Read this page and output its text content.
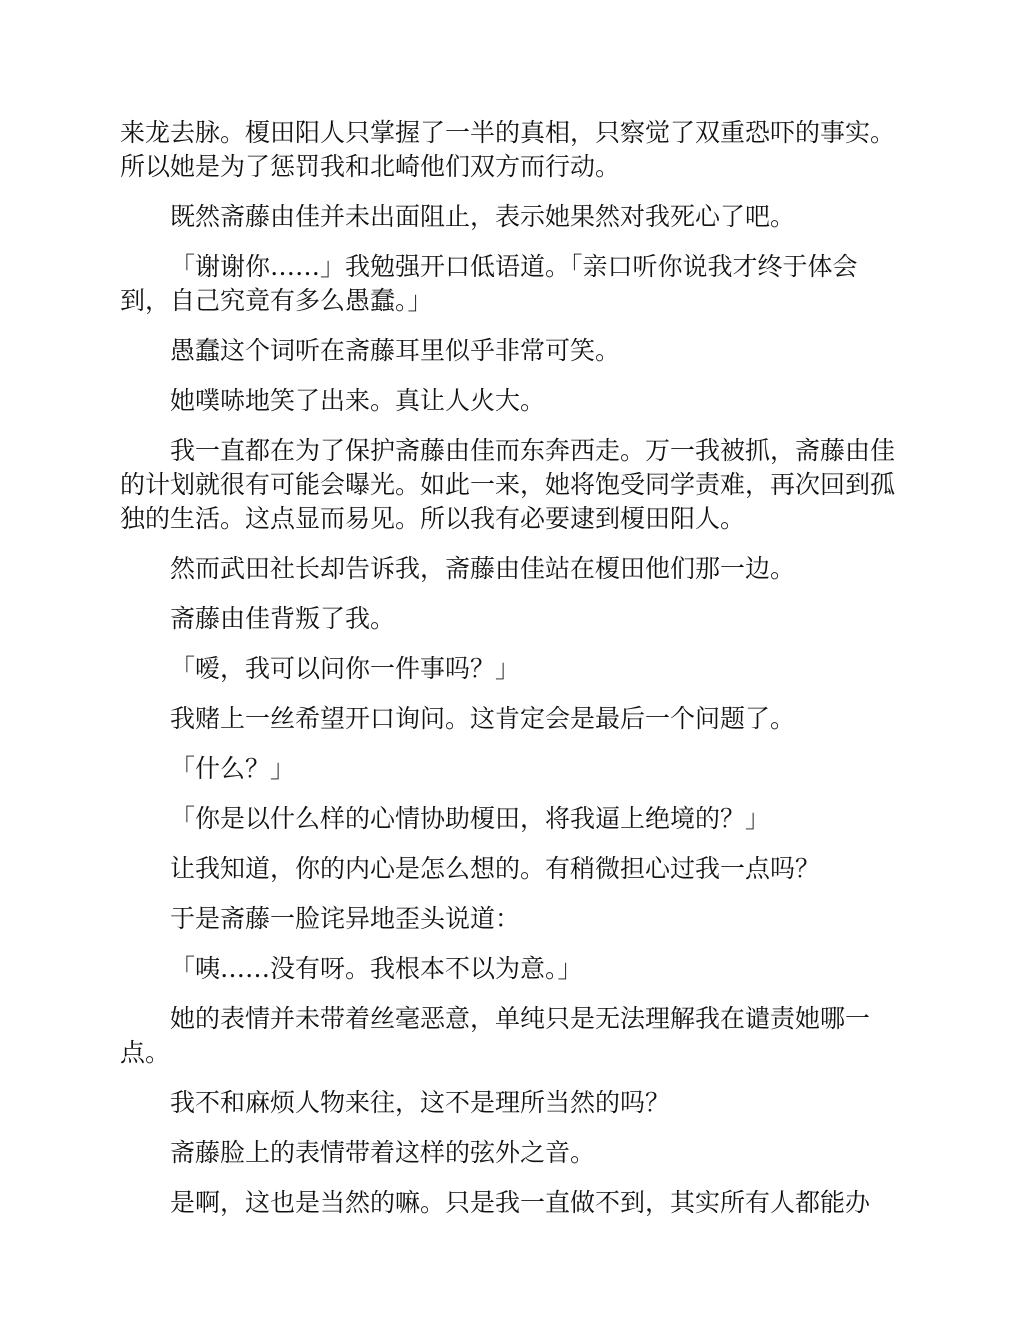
来龙去脉。榎田阳人只掌握了一半的真相，只察觉了双重恐吓的事实。
所以她是为了惩罚我和北崎他们双方而行动。
既然斋藤由佳并未出面阻止，表示她果然对我死心了吧。
「谢谢你……」我勉强开口低语道。「亲口听你说我才终于体会
到，自己究竟有多么愚蠢。」
愚蠢这个词听在斋藤耳里似乎非常可笑。
她噗哧地笑了出来。真让人火大。
我一直都在为了保护斋藤由佳而东奔西走。万一我被抓，斋藤由佳
的计划就很有可能会曝光。如此一来，她将饱受同学责难，再次回到孤
独的生活。这点显而易见。所以我有必要逮到榎田阳人。
然而武田社长却告诉我，斋藤由佳站在榎田他们那一边。
斋藤由佳背叛了我。
「嗳，我可以问你一件事吗？」
我赌上一丝希望开口询问。这肯定会是最后一个问题了。
「什么？」
「你是以什么样的心情协助榎田，将我逼上绝境的？」
让我知道，你的内心是怎么想的。有稍微担心过我一点吗？
于是斋藤一脸诧异地歪头说道：
「咦……没有呀。我根本不以为意。」
她的表情并未带着丝毫恶意，单纯只是无法理解我在谴责她哪一
点。
我不和麻烦人物来往，这不是理所当然的吗？
斋藤脸上的表情带着这样的弦外之音。
是啊，这也是当然的嘛。只是我一直做不到，其实所有人都能办
